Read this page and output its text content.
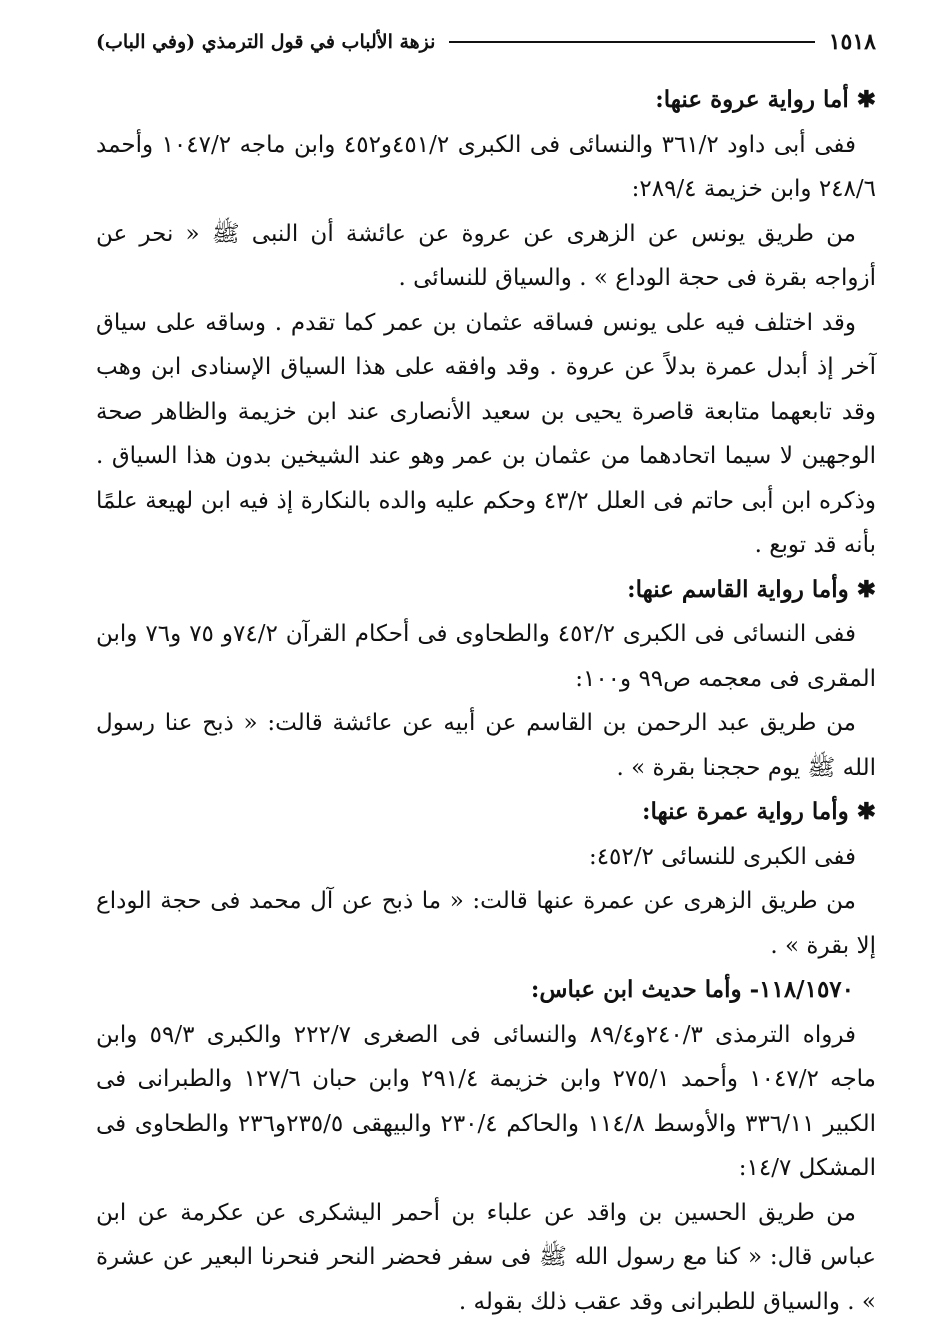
١٥١٨
نزهة الألباب في قول الترمذي (وفي الباب)

✱أما رواية عروة عنها:

ففى أبى داود ٣٦١/٢ والنسائى فى الكبرى ٤٥١/٢و٤٥٢ وابن ماجه ١٠٤٧/٢ وأحمد ٢٤٨/٦ وابن خزيمة ٢٨٩/٤:

من طريق يونس عن الزهرى عن عروة عن عائشة أن النبى ﷺ « نحر عن أزواجه بقرة فى حجة الوداع » . والسياق للنسائى .

وقد اختلف فيه على يونس فساقه عثمان بن عمر كما تقدم . وساقه على سياق آخر إذ أبدل عمرة بدلاً عن عروة . وقد وافقه على هذا السياق الإسنادى ابن وهب وقد تابعهما متابعة قاصرة يحيى بن سعيد الأنصارى عند ابن خزيمة والظاهر صحة الوجهين لا سيما اتحادهما من عثمان بن عمر وهو عند الشيخين بدون هذا السياق . وذكره ابن أبى حاتم فى العلل ٤٣/٢ وحكم عليه والده بالنكارة إذ فيه ابن لهيعة علمًا بأنه قد توبع .

✱وأما رواية القاسم عنها:

ففى النسائى فى الكبرى ٤٥٢/٢ والطحاوى فى أحكام القرآن ٧٤/٢و ٧٥ و٧٦ وابن المقرى فى معجمه ص٩٩ و١٠٠:

من طريق عبد الرحمن بن القاسم عن أبيه عن عائشة قالت: « ذبح عنا رسول الله ﷺ يوم حججنا بقرة » .

✱وأما رواية عمرة عنها:

ففى الكبرى للنسائى ٤٥٢/٢:

من طريق الزهرى عن عمرة عنها قالت: « ما ذبح عن آل محمد فى حجة الوداع إلا بقرة » .

١١٨/١٥٧٠- وأما حديث ابن عباس:

فرواه الترمذى ٢٤٠/٣و٨٩/٤ والنسائى فى الصغرى ٢٢٢/٧ والكبرى ٥٩/٣ وابن ماجه ١٠٤٧/٢ وأحمد ٢٧٥/١ وابن خزيمة ٢٩١/٤ وابن حبان ١٢٧/٦ والطبرانى فى الكبير ٣٣٦/١١ والأوسط ١١٤/٨ والحاكم ٢٣٠/٤ والبيهقى ٢٣٥/٥و٢٣٦ والطحاوى فى المشكل ١٤/٧:

من طريق الحسين بن واقد عن علباء بن أحمر اليشكرى عن عكرمة عن ابن عباس قال: « كنا مع رسول الله ﷺ فى سفر فحضر النحر فنحرنا البعير عن عشرة » . والسياق للطبرانى وقد عقب ذلك بقوله .
